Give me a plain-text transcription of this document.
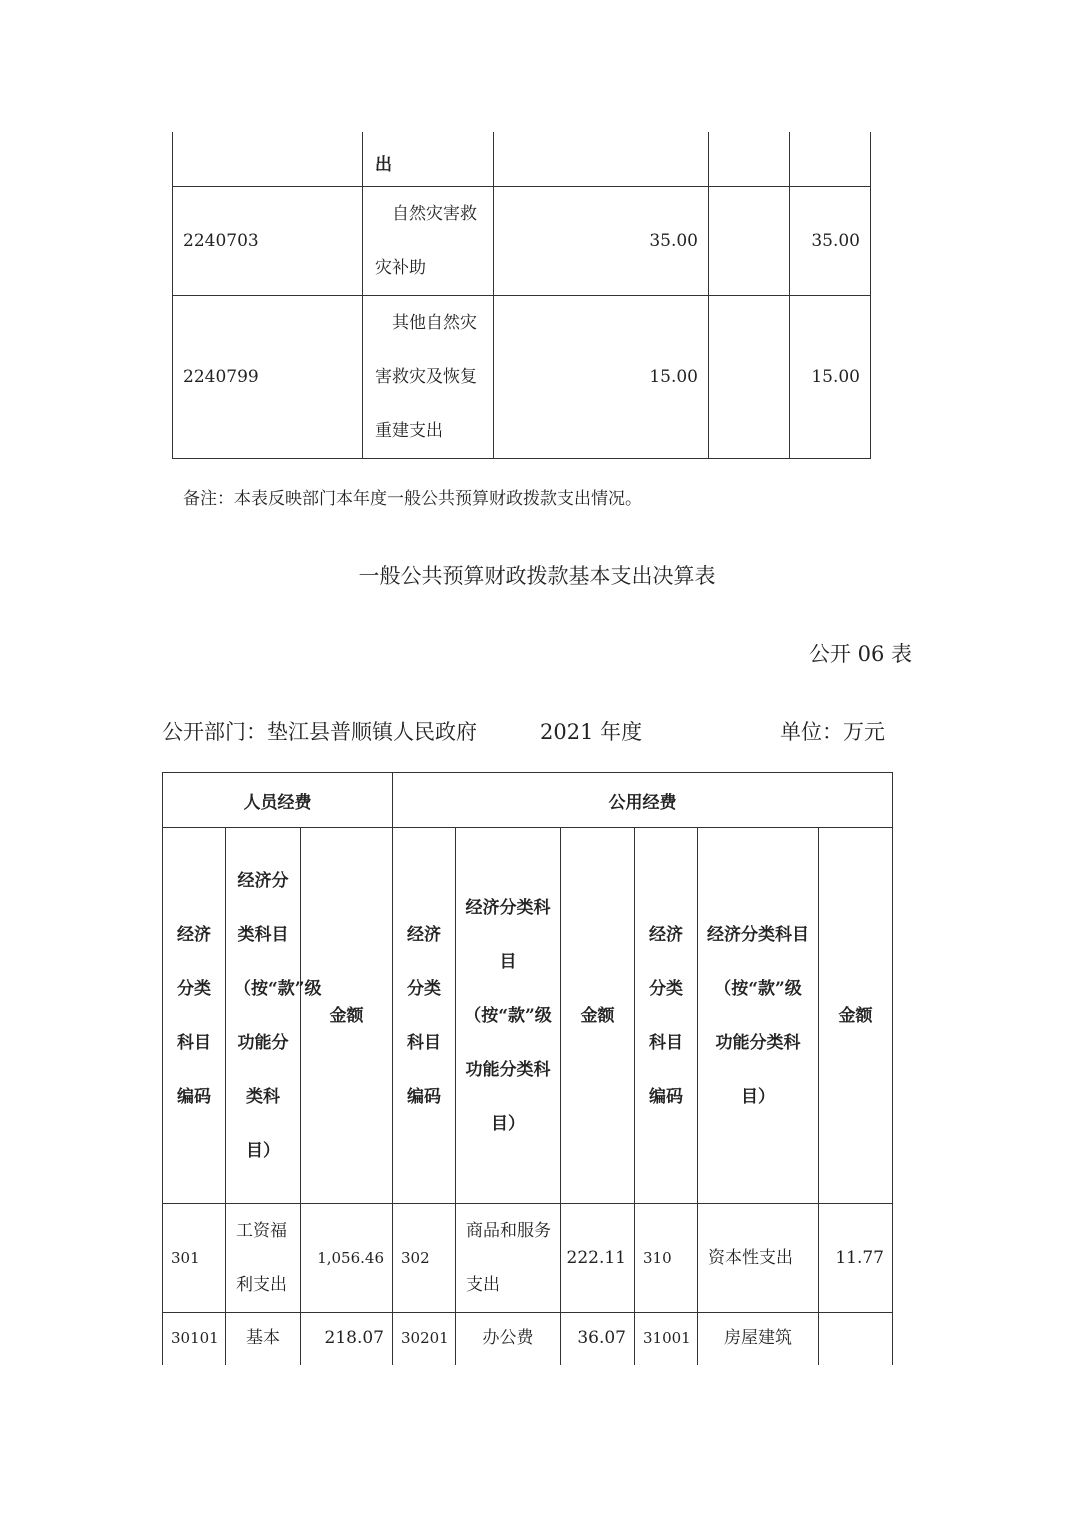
	出			
2240703	自然灾害救灾补助	35.00		35.00
2240799	其他自然灾害救灾及恢复重建支出	15.00		15.00
备注：本表反映部门本年度一般公共预算财政拨款支出情况。
一般公共预算财政拨款基本支出决算表
公开 06 表
公开部门：垫江县普顺镇人民政府	2021 年度	单位：万元
人员经费			公用经费					
经济分类科目编码	经济分类科目（按“款”级功能分类科目）	金额	经济分类科目编码	经济分类科目（按“款”级功能分类科目）	金额	经济分类科目编码	经济分类科目（按“款”级功能分类科目）	金额
301	工资福利支出	1,056.46	302	商品和服务支出	222.11	310	资本性支出	11.77
30101	基本	218.07	30201	办公费	36.07	31001	房屋建筑	
